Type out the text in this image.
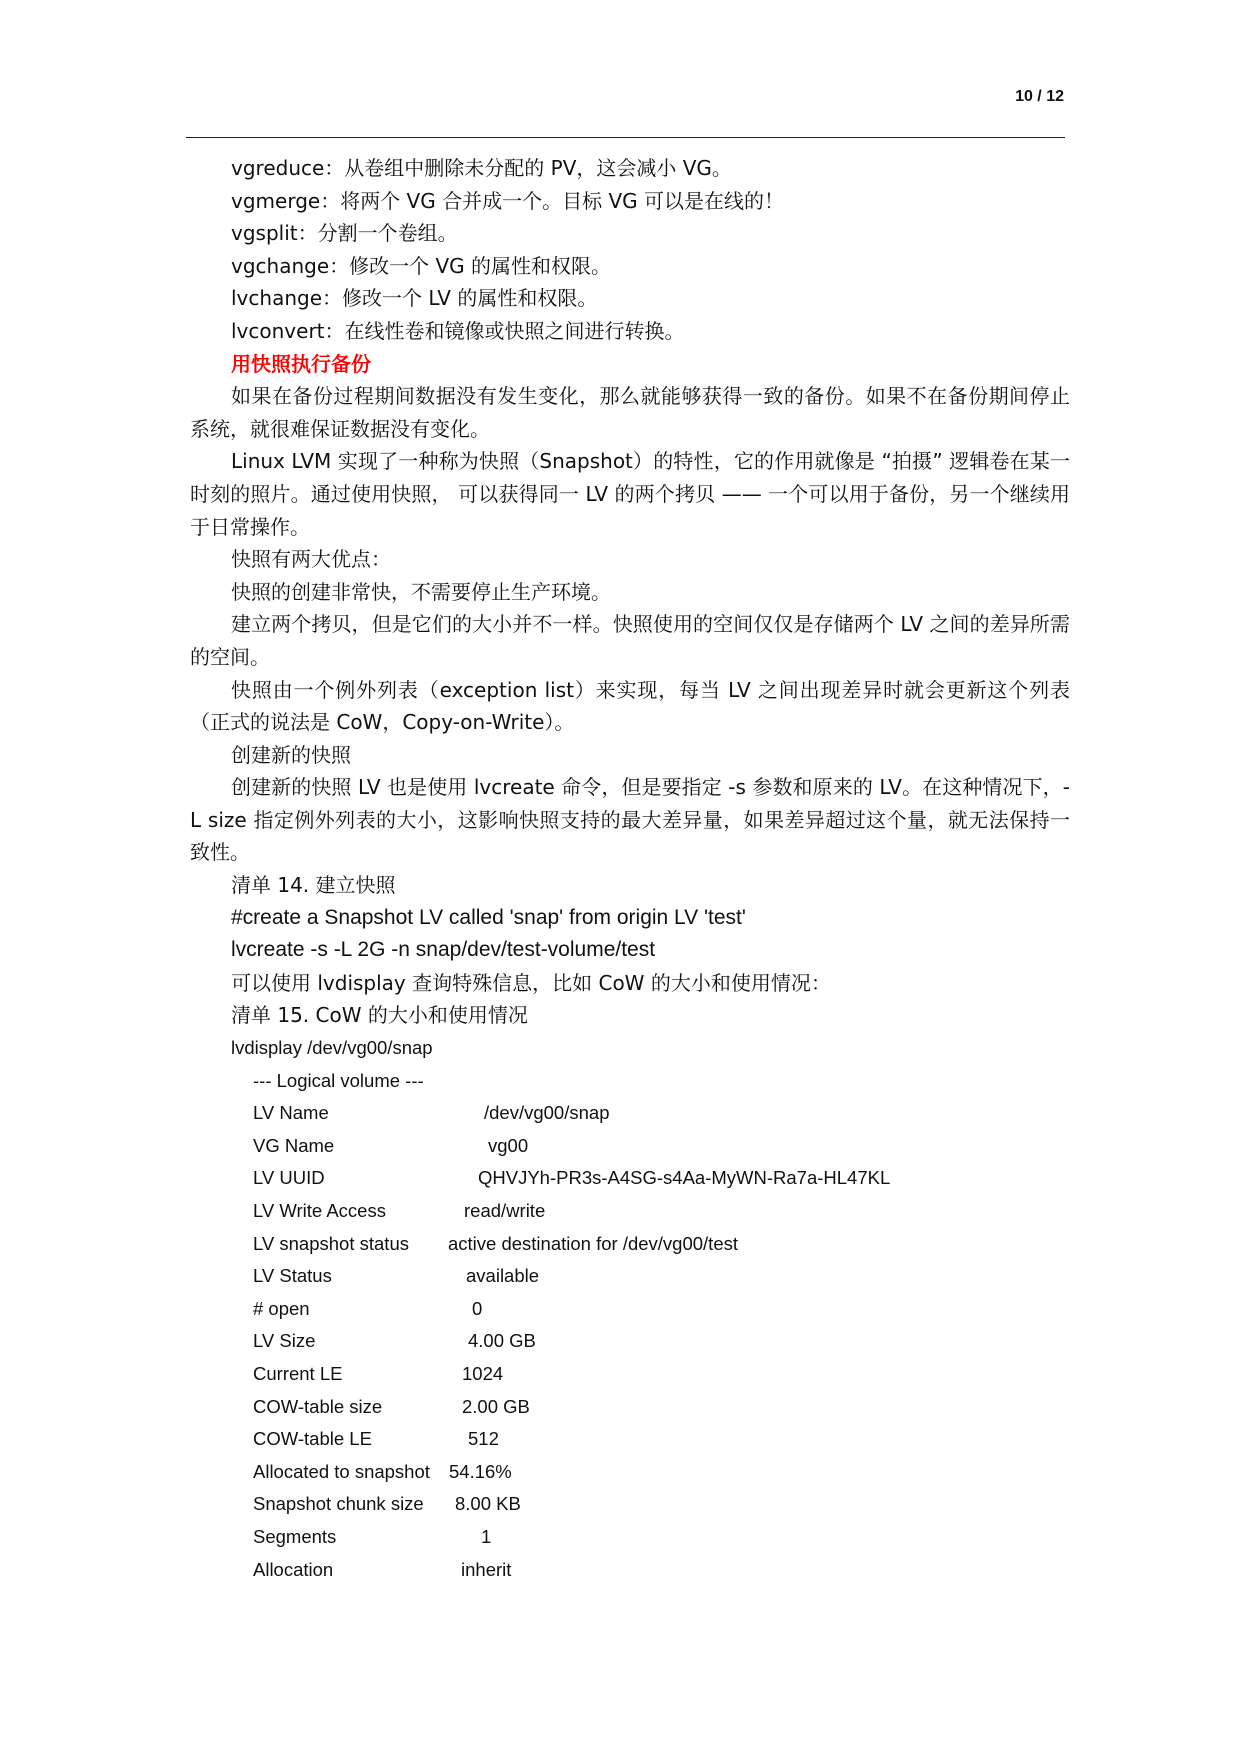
10 / 12
vgreduce：从卷组中删除未分配的 PV，这会减小 VG。
vgmerge：将两个 VG 合并成一个。目标 VG 可以是在线的！
vgsplit：分割一个卷组。
vgchange：修改一个 VG 的属性和权限。
lvchange：修改一个 LV 的属性和权限。
lvconvert：在线性卷和镜像或快照之间进行转换。
用快照执行备份
如果在备份过程期间数据没有发生变化，那么就能够获得一致的备份。如果不在备份期间停止系统，就很难保证数据没有变化。
Linux LVM 实现了一种称为快照（Snapshot）的特性，它的作用就像是 “拍摄” 逻辑卷在某一时刻的照片。通过使用快照， 可以获得同一 LV 的两个拷贝 —— 一个可以用于备份，另一个继续用于日常操作。
快照有两大优点：
快照的创建非常快，不需要停止生产环境。
建立两个拷贝，但是它们的大小并不一样。快照使用的空间仅仅是存储两个 LV 之间的差异所需的空间。
快照由一个例外列表（exception list）来实现，每当 LV 之间出现差异时就会更新这个列表（正式的说法是 CoW，Copy-on-Write）。
创建新的快照
创建新的快照 LV 也是使用 lvcreate 命令，但是要指定 -s 参数和原来的 LV。在这种情况下，-L size 指定例外列表的大小，这影响快照支持的最大差异量，如果差异超过这个量，就无法保持一致性。
清单 14. 建立快照
#create a Snapshot LV called 'snap' from origin LV 'test'
lvcreate -s -L 2G -n snap/dev/test-volume/test
可以使用 lvdisplay 查询特殊信息，比如 CoW 的大小和使用情况：
清单 15. CoW 的大小和使用情况
lvdisplay /dev/vg00/snap
--- Logical volume ---
LV Name	/dev/vg00/snap
VG Name	vg00
LV UUID	QHVJYh-PR3s-A4SG-s4Aa-MyWN-Ra7a-HL47KL
LV Write Access	read/write
LV snapshot status	active destination for /dev/vg00/test
LV Status	available
# open	0
LV Size	4.00 GB
Current LE	1024
COW-table size	2.00 GB
COW-table LE	512
Allocated to snapshot	54.16%
Snapshot chunk size	8.00 KB
Segments	1
Allocation	inherit
